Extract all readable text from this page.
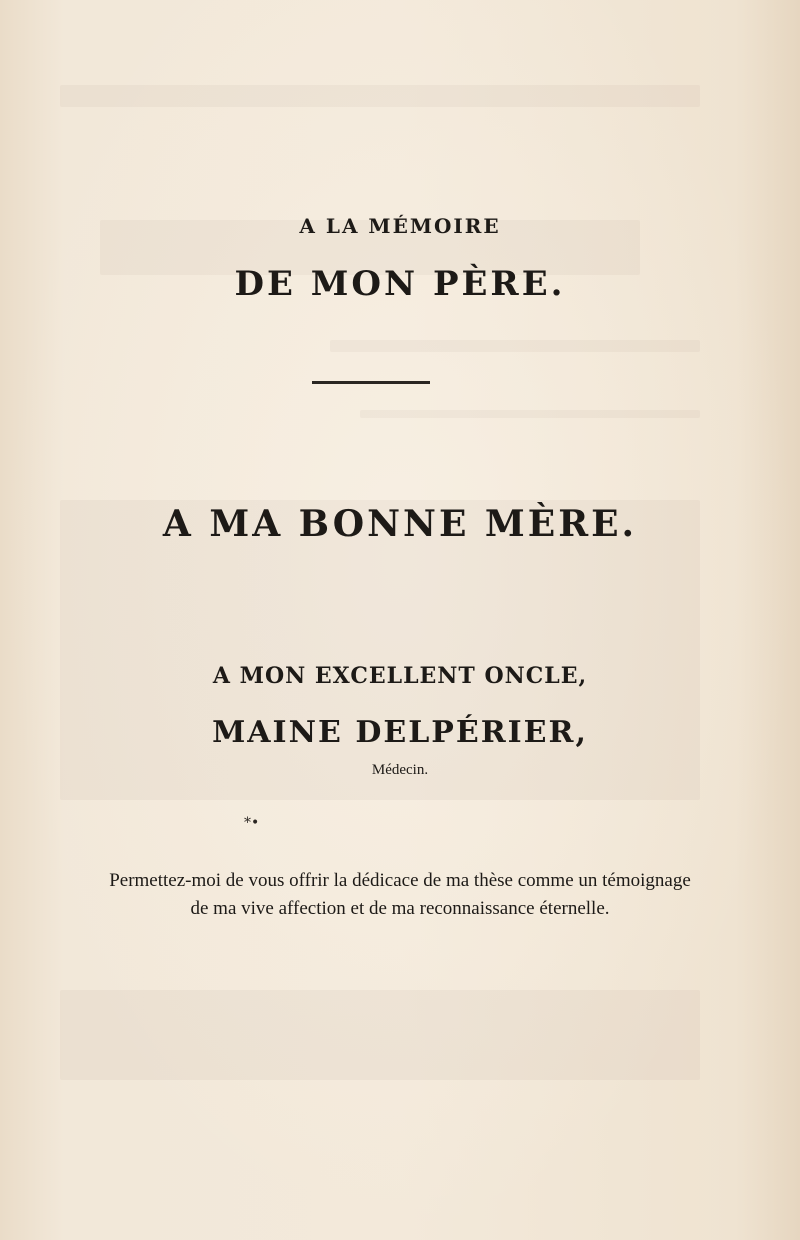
A LA MÉMOIRE
DE MON PÈRE.
A MA BONNE MÈRE.
A MON EXCELLENT ONCLE,
MAINE DELPÉRIER,
Médecin.
*•
Permettez-moi de vous offrir la dédicace de ma thèse comme un témoignage
de ma vive affection et de ma reconnaissance éternelle.
